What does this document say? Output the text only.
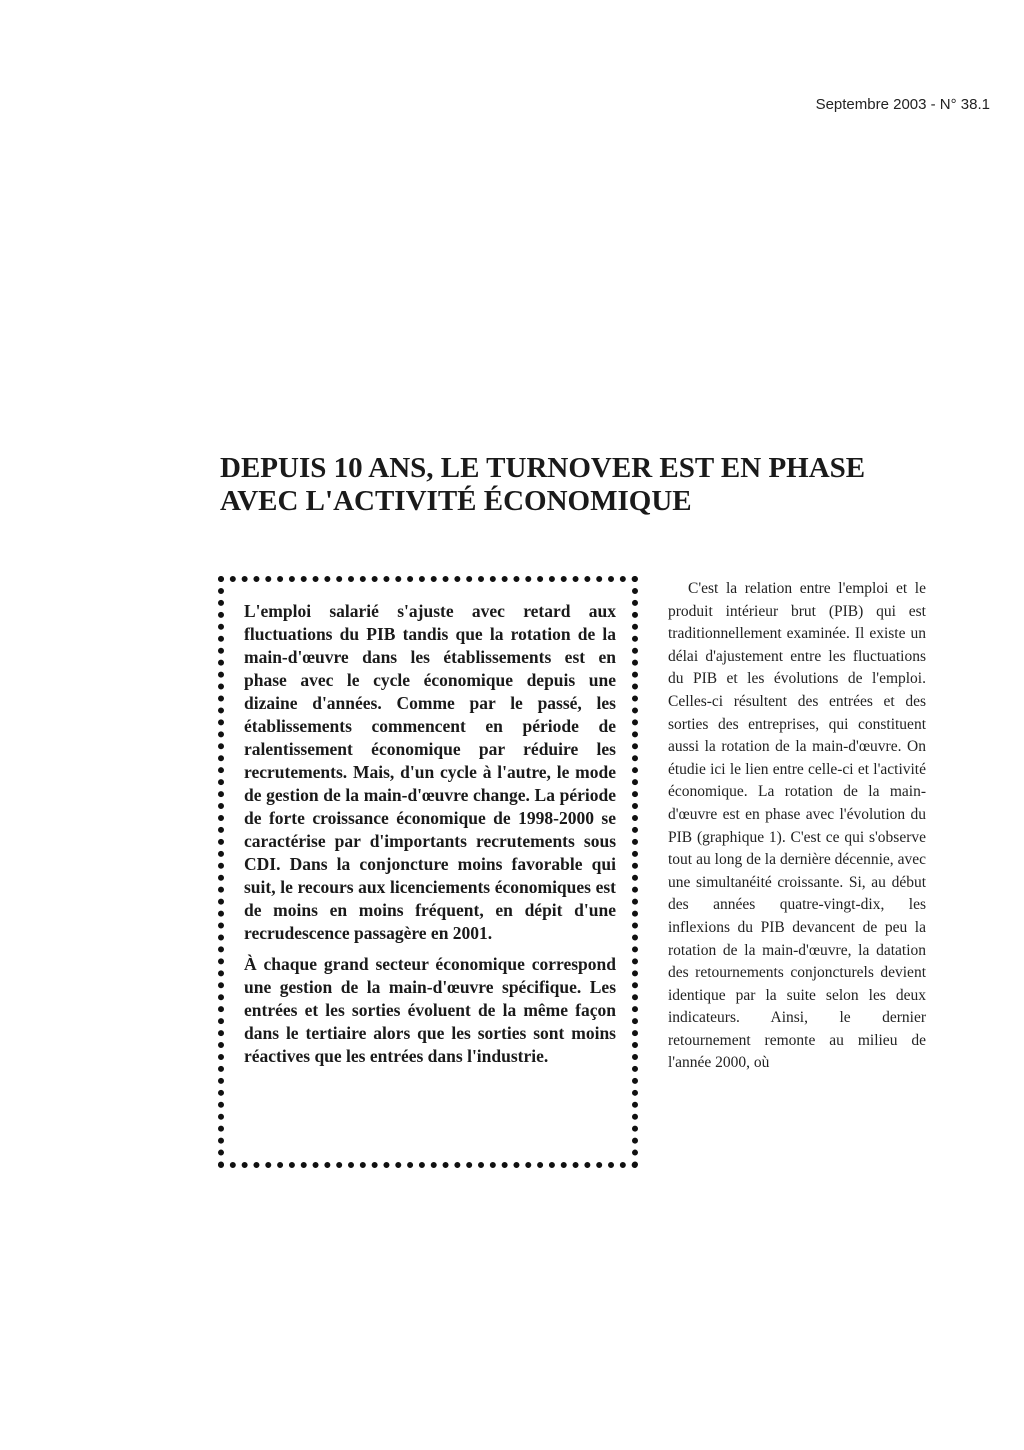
Septembre 2003 - N° 38.1
DEPUIS 10 ANS, LE TURNOVER EST EN PHASE
AVEC L'ACTIVITÉ ÉCONOMIQUE

L'emploi salarié s'ajuste avec retard aux fluctuations du PIB tandis que la rotation de la main-d'œuvre dans les établissements est en phase avec le cycle économique depuis une dizaine d'années. Comme par le passé, les établissements commencent en période de ralentissement économique par réduire les recrutements. Mais, d'un cycle à l'autre, le mode de gestion de la main-d'œuvre change. La période de forte croissance économique de 1998-2000 se caractérise par d'importants recrutements sous CDI. Dans la conjoncture moins favorable qui suit, le recours aux licenciements économiques est de moins en moins fréquent, en dépit d'une recrudescence passagère en 2001.

À chaque grand secteur économique correspond une gestion de la main-d'œuvre spécifique. Les entrées et les sorties évoluent de la même façon dans le tertiaire alors que les sorties sont moins réactives que les entrées dans l'industrie.

C'est la relation entre l'emploi et le produit intérieur brut (PIB) qui est traditionnellement examinée. Il existe un délai d'ajustement entre les fluctuations du PIB et les évolutions de l'emploi. Celles-ci résultent des entrées et des sorties des entreprises, qui constituent aussi la rotation de la main-d'œuvre. On étudie ici le lien entre celle-ci et l'activité économique. La rotation de la main-d'œuvre est en phase avec l'évolution du PIB (graphique 1). C'est ce qui s'observe tout au long de la dernière décennie, avec une simultanéité croissante. Si, au début des années quatre-vingt-dix, les inflexions du PIB devancent de peu la rotation de la main-d'œuvre, la datation des retournements conjoncturels devient identique par la suite selon les deux indicateurs. Ainsi, le dernier retournement remonte au milieu de l'année 2000, où
